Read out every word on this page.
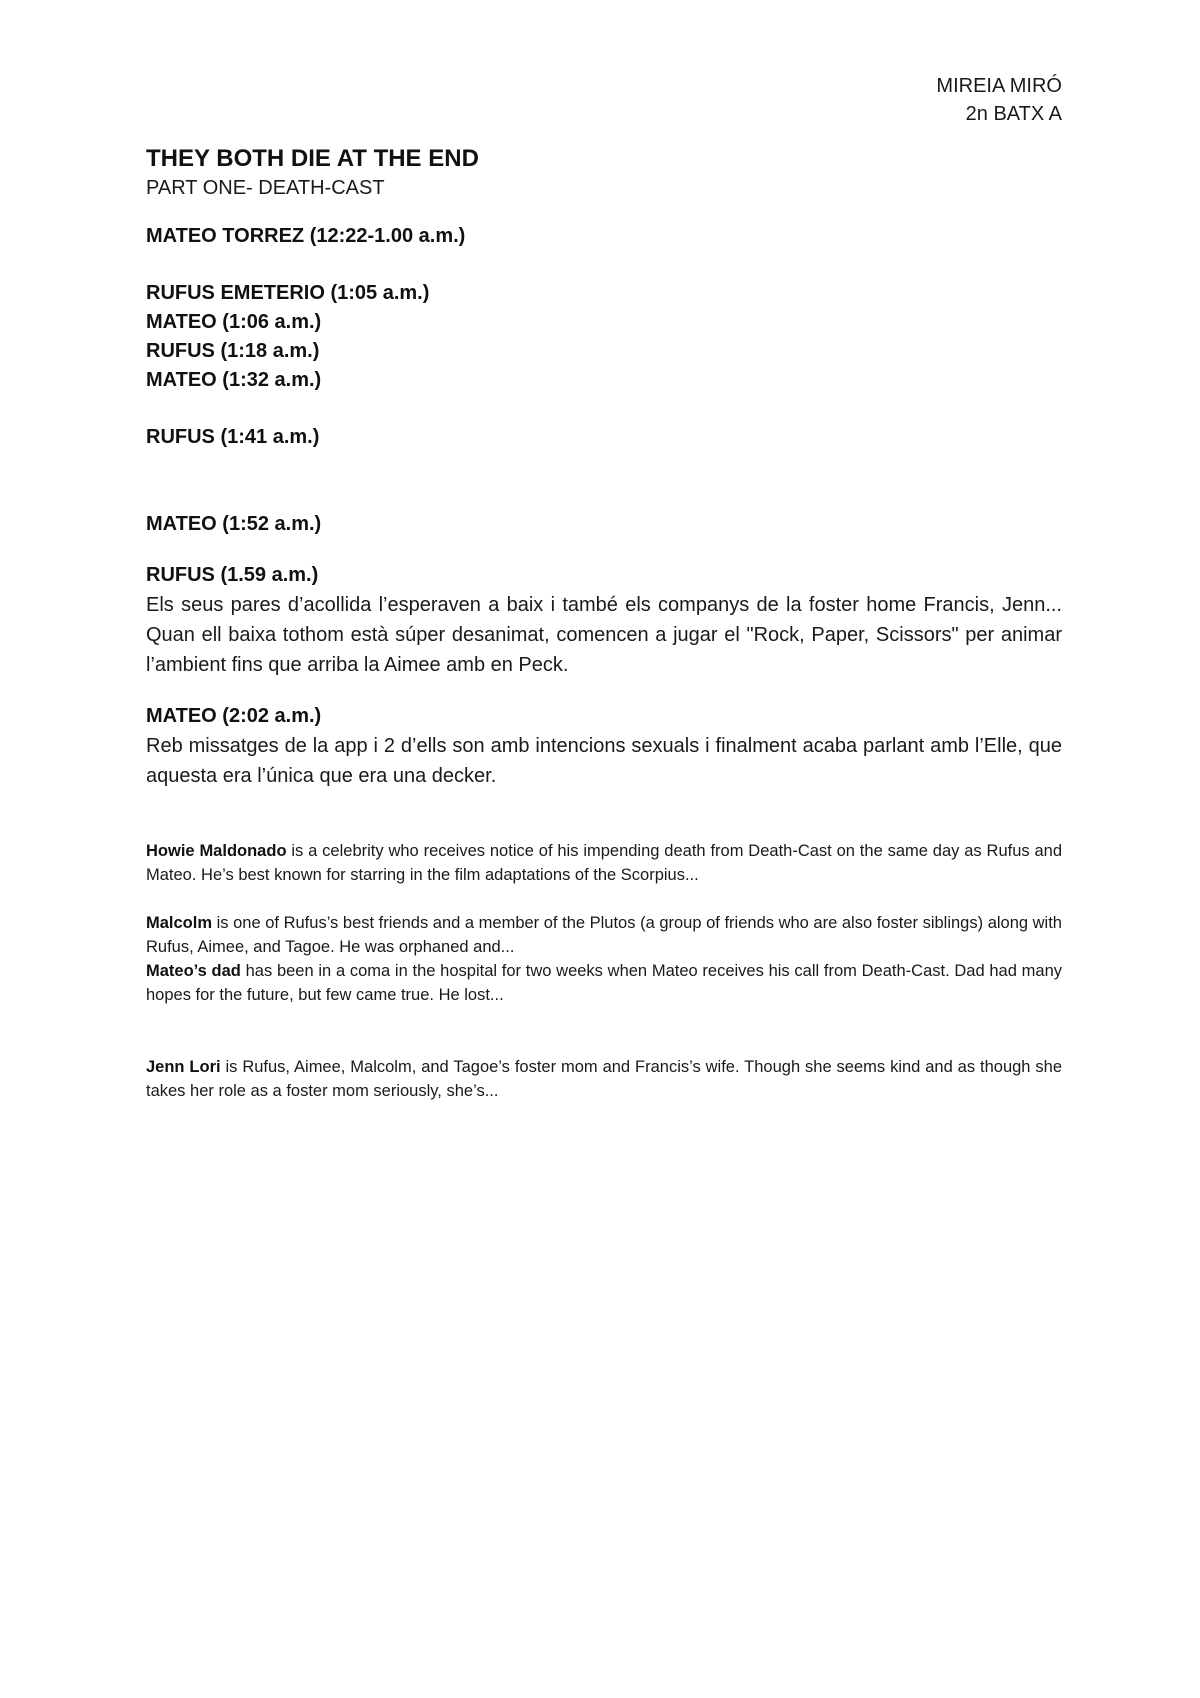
MIREIA MIRÓ
2n BATX A
THEY BOTH DIE AT THE END

PART ONE- DEATH-CAST

MATEO TORREZ (12:22-1.00 a.m.)

RUFUS EMETERIO (1:05 a.m.)

MATEO (1:06 a.m.)

RUFUS (1:18 a.m.)

MATEO (1:32 a.m.)

RUFUS (1:41 a.m.)

MATEO (1:52 a.m.)

RUFUS (1.59 a.m.)

Els seus pares d’acollida l’esperaven a baix i també els companys de la foster home Francis, Jenn... Quan ell baixa tothom està súper desanimat, comencen a jugar el "Rock, Paper, Scissors" per animar l’ambient fins que arriba la Aimee amb en Peck.

MATEO (2:02 a.m.)

Reb missatges de la app i 2 d’ells son amb intencions sexuals i finalment acaba parlant amb l’Elle, que aquesta era l’única que era una decker.

Howie Maldonado is a celebrity who receives notice of his impending death from Death-Cast on the same day as Rufus and Mateo. He’s best known for starring in the film adaptations of the Scorpius...

Malcolm is one of Rufus’s best friends and a member of the Plutos (a group of friends who are also foster siblings) along with Rufus, Aimee, and Tagoe. He was orphaned and...

Mateo’s dad has been in a coma in the hospital for two weeks when Mateo receives his call from Death-Cast. Dad had many hopes for the future, but few came true. He lost...

Jenn Lori is Rufus, Aimee, Malcolm, and Tagoe’s foster mom and Francis’s wife. Though she seems kind and as though she takes her role as a foster mom seriously, she’s...
